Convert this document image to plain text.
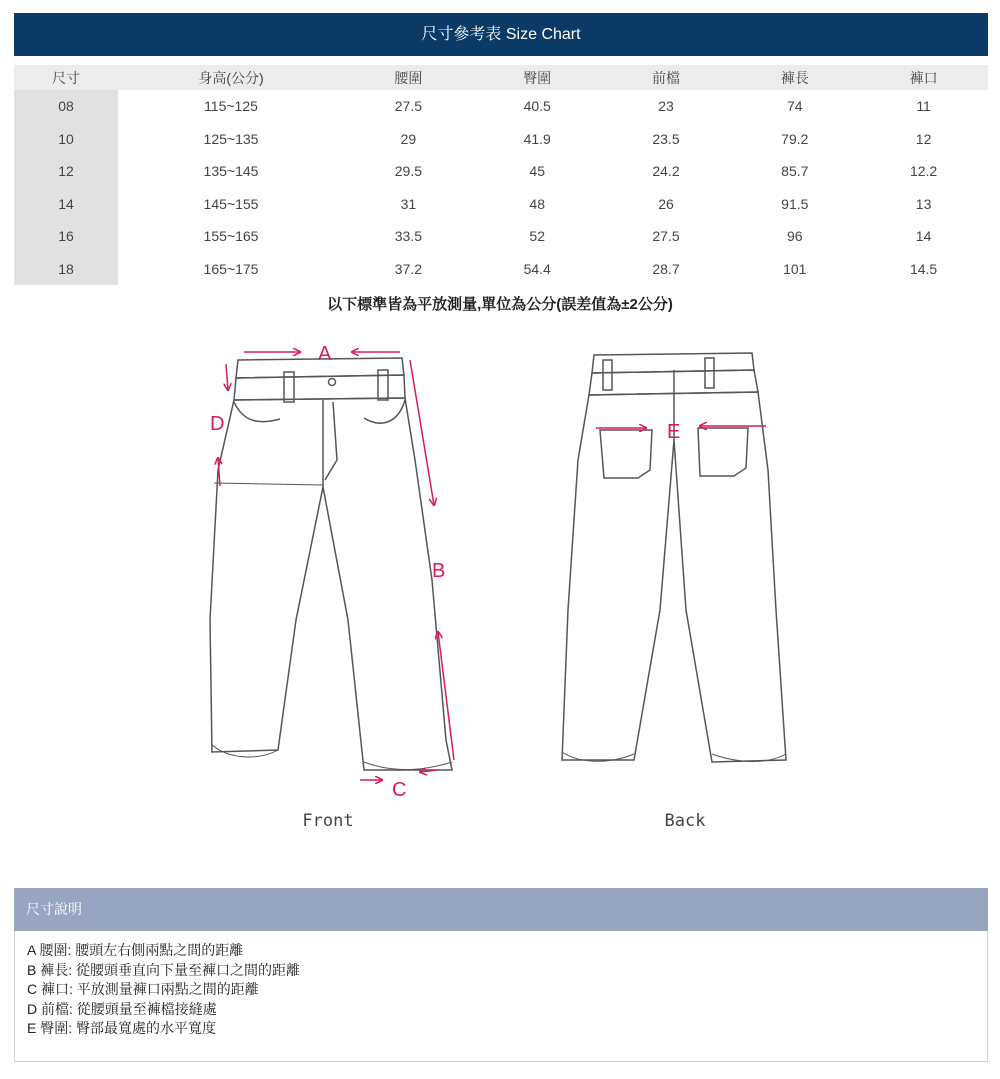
尺寸參考表 Size Chart
尺寸	身高(公分)	腰圍	臀圍	前檔	褲長	褲口
08	115~125	27.5	40.5	23	74	11
10	125~135	29	41.9	23.5	79.2	12
12	135~145	29.5	45	24.2	85.7	12.2
14	145~155	31	48	26	91.5	13
16	155~165	33.5	52	27.5	96	14
18	165~175	37.2	54.4	28.7	101	14.5
以下標準皆為平放測量,單位為公分(誤差值為±2公分)
A
D
B
C
E
Front	Back
尺寸說明
A 腰圍: 腰頭左右側兩點之間的距離
B 褲長: 從腰頭垂直向下量至褲口之間的距離
C 褲口: 平放測量褲口兩點之間的距離
D 前檔: 從腰頭量至褲檔接縫處
E 臀圍: 臀部最寬處的水平寬度
